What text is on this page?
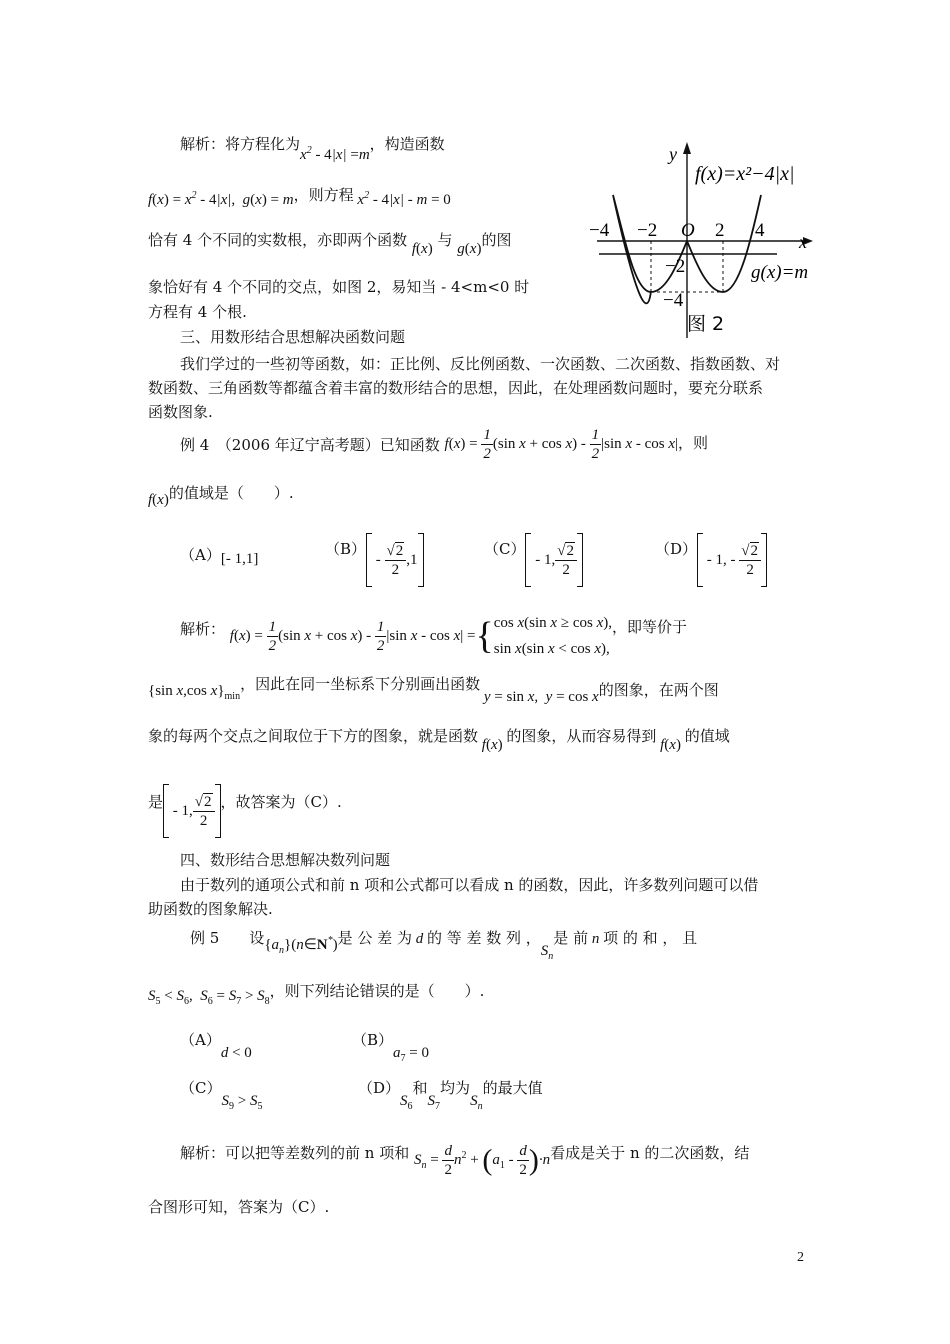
解析：将方程化为$x^2 - 4|x| =m$，构造函数
$f(x) = x^2 - 4|x|$,  g(x) = m，则方程 $x^2 - 4|x| - m = 0$
恰有 4 个不同的实数根，亦即两个函数 f(x) 与 g(x)的图
象恰好有 4 个不同的交点，如图 2，易知当 - 4<m<0 时
方程有 4 个根.
y
x
f(x)=x²−4|x|
g(x)=m
O
−4 −2	2 4
−2
−4
图 2
三、用数形结合思想解决函数问题
我们学过的一些初等函数，如：正比例、反比例函数、一次函数、二次函数、指数函数、对
数函数、三角函数等都蕴含着丰富的数形结合的思想，因此，在处理函数问题时，要充分联系
函数图象.
例 4　（2006 年辽宁高考题）已知函数 $f(x) = \frac{1}{2} (\sin$ $x + \cos x) - \frac{1}{2} |\sin$ x - cos x|，则
f(x)的值域是（　　）.
（A）[- 1,1]
$(B) - \frac{√2}{2} ,1$
（C） - 1, $\frac{√2}{2}$	（D） - 1, - $\frac{√2}{2}$
解析： $f(x) = \frac{1}{2} (\sin$ $x + \cos x) - \frac{1}{2} |\sin$ x - cos x| ={cos x(sin x ≥ cos x),
sin x(sin x < cos x),，即等价于
{sin x,cos $x\}_{min}$，因此在同一坐标系下分别画出函数 y = sin x,  y = cos x的图象，在两个图
象的每两个交点之间取位于下方的图象，就是函数 f(x) 的图象，从而容易得到 f(x) 的值域
是 - 1, $\frac{√2}{2}$ ，故答案为（C）.
四、数形结合思想解决数列问题
由于数列的通项公式和前 n 项和公式都可以看成 n 的函数，因此，许多数列问题可以借
助函数的图象解决.
例 5　　设$\{a_n\}(n\in N^*)$是 公 差 为 d 的 等 差 数 列 ，$S_n$是 前 n 项 的 和 ， 且
$S_5 < S_6$,  $S_6 = S_7 > S_8$，则下列结论错误的是（　　）.
（A）d < 0
$(B)a_7 = 0$
$(C)S_9 > S_5$
$(D)S_6$和$S_7$均为$S_n$的最大值
解析：可以把等差数列的前 n 项和 $S_n = \frac{d}{2} n^2 + (a_1 - \frac{d}{2} )\cdot n$看成是关于 n 的二次函数，结
合图形可知，答案为（C）.
2
